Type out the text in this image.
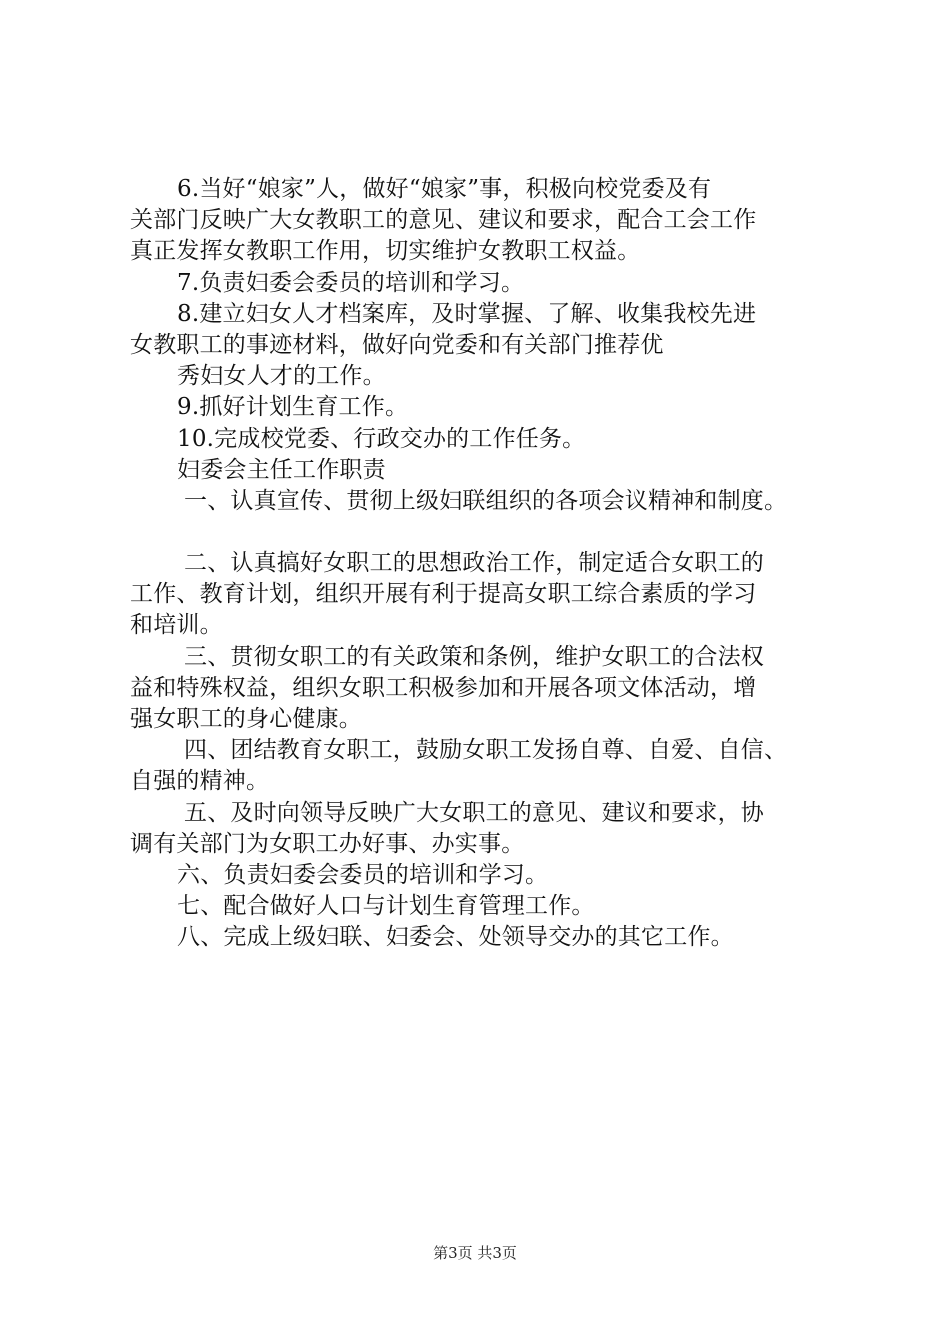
6.当好“娘家”人，做好“娘家”事，积极向校党委及有
关部门反映广大女教职工的意见、建议和要求，配合工会工作
真正发挥女教职工作用，切实维护女教职工权益。
7.负责妇委会委员的培训和学习。
8.建立妇女人才档案库，及时掌握、了解、收集我校先进
女教职工的事迹材料，做好向党委和有关部门推荐优
秀妇女人才的工作。
9.抓好计划生育工作。
10.完成校党委、行政交办的工作任务。
妇委会主任工作职责
一、认真宣传、贯彻上级妇联组织的各项会议精神和制度。
二、认真搞好女职工的思想政治工作，制定适合女职工的
工作、教育计划，组织开展有利于提高女职工综合素质的学习
和培训。
三、贯彻女职工的有关政策和条例，维护女职工的合法权
益和特殊权益，组织女职工积极参加和开展各项文体活动，增
强女职工的身心健康。
四、团结教育女职工，鼓励女职工发扬自尊、自爱、自信、
自强的精神。
五、及时向领导反映广大女职工的意见、建议和要求，协
调有关部门为女职工办好事、办实事。
六、负责妇委会委员的培训和学习。
七、配合做好人口与计划生育管理工作。
八、完成上级妇联、妇委会、处领导交办的其它工作。
第3页 共3页
